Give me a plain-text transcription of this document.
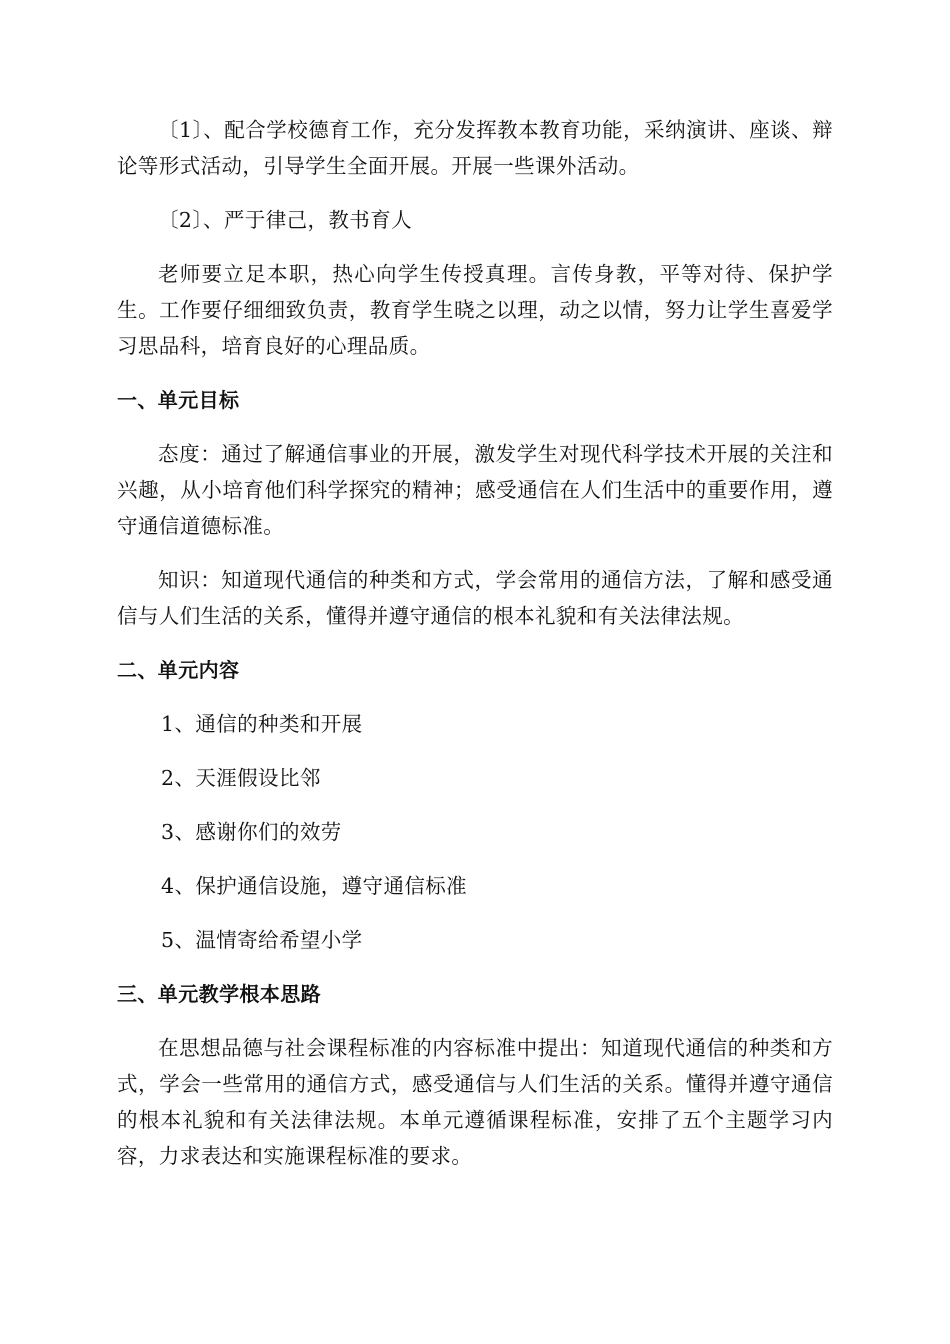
〔1〕、配合学校德育工作，充分发挥教本教育功能，采纳演讲、座谈、辩论等形式活动，引导学生全面开展。开展一些课外活动。

〔2〕、严于律己，教书育人

老师要立足本职，热心向学生传授真理。言传身教，平等对待、保护学生。工作要仔细细致负责，教育学生晓之以理，动之以情，努力让学生喜爱学习思品科，培育良好的心理品质。

一、单元目标

态度：通过了解通信事业的开展，激发学生对现代科学技术开展的关注和兴趣，从小培育他们科学探究的精神；感受通信在人们生活中的重要作用，遵守通信道德标准。

知识：知道现代通信的种类和方式，学会常用的通信方法，了解和感受通信与人们生活的关系，懂得并遵守通信的根本礼貌和有关法律法规。

二、单元内容

1、通信的种类和开展

2、天涯假设比邻

3、感谢你们的效劳

4、保护通信设施，遵守通信标准

5、温情寄给希望小学

三、单元教学根本思路

在思想品德与社会课程标准的内容标准中提出：知道现代通信的种类和方式，学会一些常用的通信方式，感受通信与人们生活的关系。懂得并遵守通信的根本礼貌和有关法律法规。本单元遵循课程标准，安排了五个主题学习内容，力求表达和实施课程标准的要求。
